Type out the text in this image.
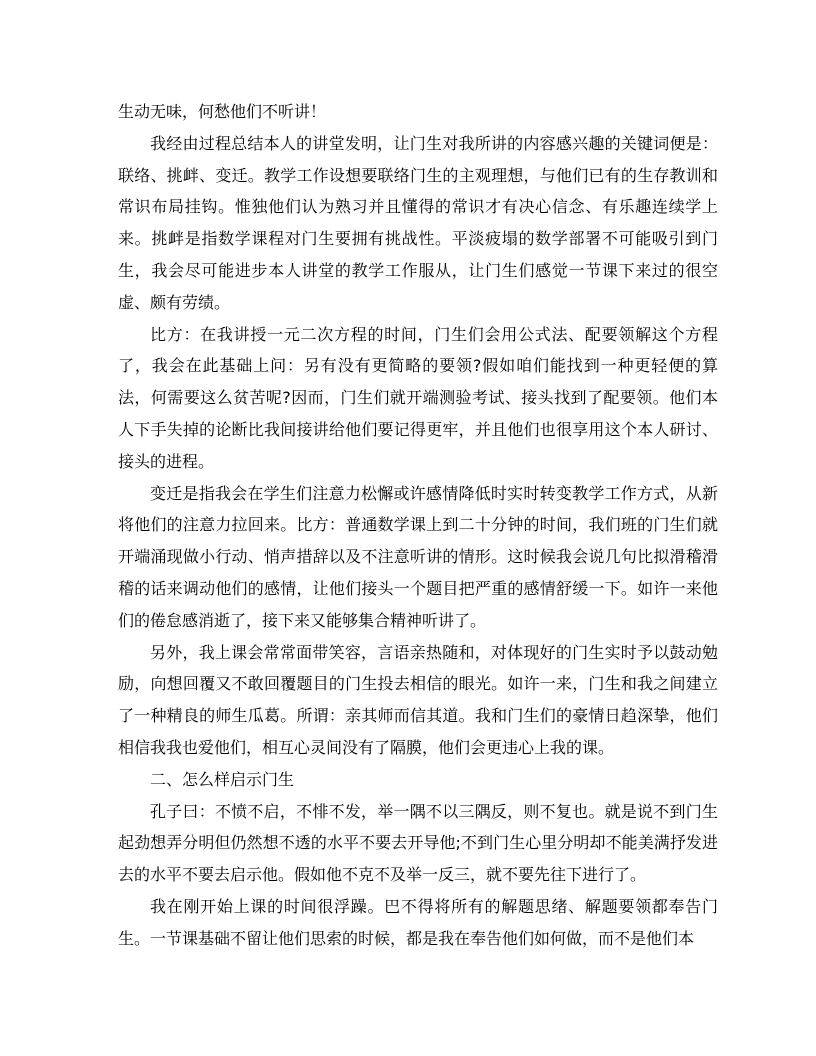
生动无味，何愁他们不听讲！

我经由过程总结本人的讲堂发明，让门生对我所讲的内容感兴趣的关键词便是：联络、挑衅、变迁。教学工作设想要联络门生的主观理想，与他们已有的生存教训和常识布局挂钩。惟独他们认为熟习并且懂得的常识才有决心信念、有乐趣连续学上来。挑衅是指数学课程对门生要拥有挑战性。平淡疲塌的数学部署不可能吸引到门生，我会尽可能进步本人讲堂的教学工作服从，让门生们感觉一节课下来过的很空虚、颇有劳绩。

比方：在我讲授一元二次方程的时间，门生们会用公式法、配要领解这个方程了，我会在此基础上问：另有没有更简略的要领?假如咱们能找到一种更轻便的算法，何需要这么贫苦呢?因而，门生们就开端测验考试、接头找到了配要领。他们本人下手失掉的论断比我间接讲给他们要记得更牢，并且他们也很享用这个本人研讨、接头的进程。

变迁是指我会在学生们注意力松懈或许感情降低时实时转变教学工作方式，从新将他们的注意力拉回来。比方：普通数学课上到二十分钟的时间，我们班的门生们就开端涌现做小行动、悄声措辞以及不注意听讲的情形。这时候我会说几句比拟滑稽滑稽的话来调动他们的感情，让他们接头一个题目把严重的感情舒缓一下。如许一来他们的倦怠感消逝了，接下来又能够集合精神听讲了。

另外，我上课会常常面带笑容，言语亲热随和，对体现好的门生实时予以鼓动勉励，向想回覆又不敢回覆题目的门生投去相信的眼光。如许一来，门生和我之间建立了一种精良的师生瓜葛。所谓：亲其师而信其道。我和门生们的豪情日趋深挚，他们相信我我也爱他们，相互心灵间没有了隔膜，他们会更违心上我的课。

二、怎么样启示门生

孔子曰：不愤不启，不悱不发，举一隅不以三隅反，则不复也。就是说不到门生起劲想弄分明但仍然想不透的水平不要去开导他;不到门生心里分明却不能美满抒发进去的水平不要去启示他。假如他不克不及举一反三，就不要先往下进行了。

我在刚开始上课的时间很浮躁。巴不得将所有的解题思绪、解题要领都奉告门生。一节课基础不留让他们思索的时候，都是我在奉告他们如何做，而不是他们本
